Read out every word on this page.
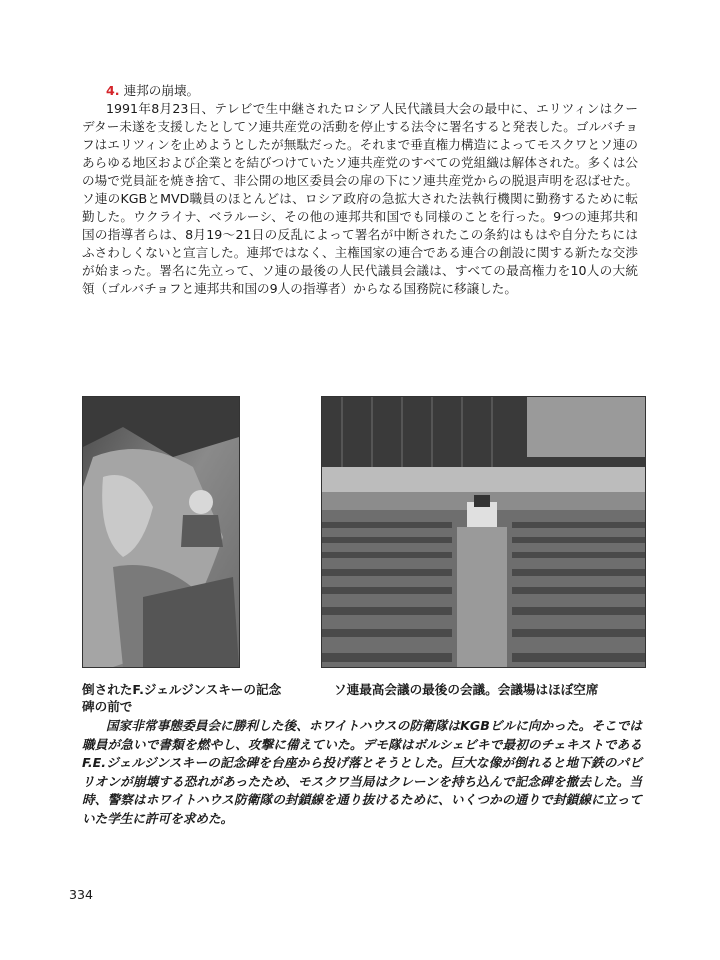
4. 連邦の崩壊。

1991年8月23日、テレビで生中継されたロシア人民代議員大会の最中に、エリツィンはクーデター未遂を支援したとしてソ連共産党の活動を停止する法令に署名すると発表した。ゴルバチョフはエリツィンを止めようとしたが無駄だった。それまで垂直権力構造によってモスクワとソ連のあらゆる地区および企業とを結びつけていたソ連共産党のすべての党組織は解体された。多くは公の場で党員証を焼き捨て、非公開の地区委員会の扉の下にソ連共産党からの脱退声明を忍ばせた。ソ連のKGBとMVD職員のほとんどは、ロシア政府の急拡大された法執行機関に勤務するために転勤した。ウクライナ、ベラルーシ、その他の連邦共和国でも同様のことを行った。9つの連邦共和国の指導者らは、8月19～21日の反乱によって署名が中断されたこの条約はもはや自分たちにはふさわしくないと宣言した。連邦ではなく、主権国家の連合である連合の創設に関する新たな交渉が始まった。署名に先立って、ソ連の最後の人民代議員会議は、すべての最高権力を10人の大統領（ゴルバチョフと連邦共和国の9人の指導者）からなる国務院に移譲した。

倒されたF.ジェルジンスキーの記念碑の前で

ソ連最高会議の最後の会議。会議場はほぼ空席

国家非常事態委員会に勝利した後、ホワイトハウスの防衛隊はKGBビルに向かった。そこでは職員が急いで書類を燃やし、攻撃に備えていた。デモ隊はボルシェビキで最初のチェキストであるF.E.ジェルジンスキーの記念碑を台座から投げ落とそうとした。巨大な像が倒れると地下鉄のパビリオンが崩壊する恐れがあったため、モスクワ当局はクレーンを持ち込んで記念碑を撤去した。当時、警察はホワイトハウス防衛隊の封鎖線を通り抜けるために、いくつかの通りで封鎖線に立っていた学生に許可を求めた。

334
